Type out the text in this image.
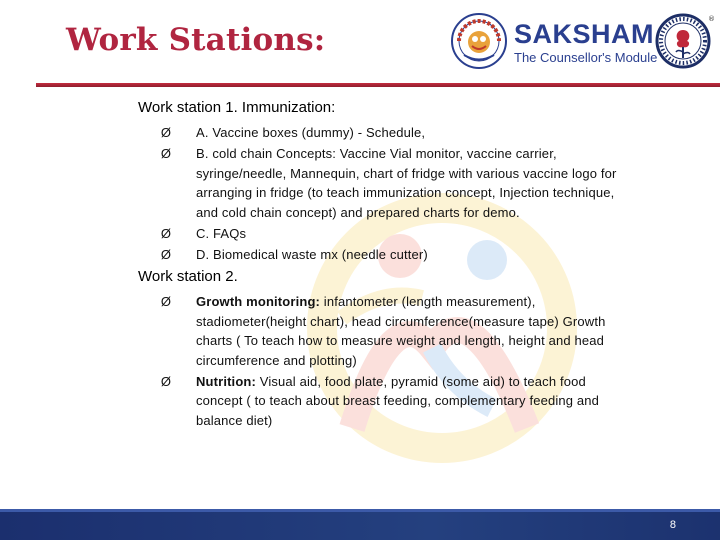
Work Stations:	SAKSHAM
The Counsellor's Module
®
Work station 1. Immunization:
Ø A. Vaccine boxes (dummy) - Schedule,
Ø B. cold chain Concepts: Vaccine Vial monitor, vaccine carrier, syringe/needle, Mannequin, chart of fridge with various vaccine logo for arranging in fridge (to teach immunization concept, Injection technique, and cold chain concept) and prepared charts for demo.
Ø C. FAQs
Ø D. Biomedical waste mx (needle cutter)
Work station 2.
Ø Growth monitoring: infantometer (length measurement), stadiometer(height chart), head circumference(measure tape) Growth charts ( To teach how to measure weight and length, height and head circumference and plotting)
Ø Nutrition: Visual aid, food plate, pyramid (some aid) to teach food concept ( to teach about breast feeding, complementary feeding and balance diet)
8
